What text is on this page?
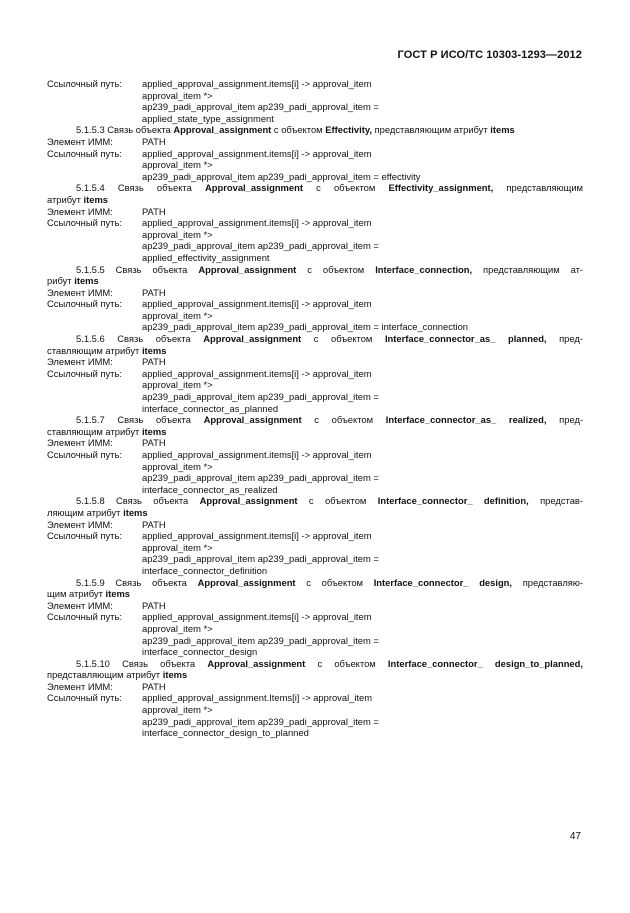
ГОСТ Р ИСО/ТС 10303-1293—2012
Ссылочный путь: applied_approval_assignment.items[i] -> approval_item
approval_item *>
ap239_padi_approval_item ap239_padi_approval_item =
applied_state_type_assignment
5.1.5.3 Связь объекта Approval_assignment с объектом Effectivity, представляющим атрибут items
Элемент ИММ:	PATH
Ссылочный путь: applied_approval_assignment.items[i] -> approval_item
approval_item *>
ap239_padi_approval_item ap239_padi_approval_item = effectivity
5.1.5.4 Связь объекта Approval_assignment с объектом Effectivity_assignment, представляющим
атрибут items
Элемент ИММ:	PATH
Ссылочный путь: applied_approval_assignment.items[i] -> approval_item
approval_item *>
ap239_padi_approval_item ap239_padi_approval_item =
applied_effectivity_assignment
5.1.5.5 Связь объекта Approval_assignment с объектом Interface_connection, представляющим ат-
рибут items
Элемент ИММ:	PATH
Ссылочный путь: applied_approval_assignment.items[i] -> approval_item
approval_item *>
ap239_padi_approval_item ap239_padi_approval_item = interface_connection
5.1.5.6 Связь объекта Approval_assignment с объектом Interface_connector_as_ planned, пред-
ставляющим атрибут items
Элемент ИММ:	PATH
Ссылочный путь: applied_approval_assignment.items[i] -> approval_item
approval_item *>
ap239_padi_approval_item ap239_padi_approval_item =
interface_connector_as_planned
5.1.5.7 Связь объекта Approval_assignment с объектом Interface_connector_as_ realized, пред-
ставляющим атрибут items
Элемент ИММ:	PATH
Ссылочный путь: applied_approval_assignment.items[i] -> approval_item
approval_item *>
ap239_padi_approval_item ap239_padi_approval_item =
interface_connector_as_realized
5.1.5.8 Связь объекта Approval_assignment с объектом Interface_connector_ definition, представ-
ляющим атрибут items
Элемент ИММ:	PATH
Ссылочный путь: applied_approval_assignment.items[i] -> approval_item
approval_item *>
ap239_padi_approval_item ap239_padi_approval_item =
interface_connector_definition
5.1.5.9 Связь объекта Approval_assignment с объектом Interface_connector_ design, представляю-
щим атрибут items
Элемент ИММ:	PATH
Ссылочный путь: applied_approval_assignment.items[i] -> approval_item
approval_item *>
ap239_padi_approval_item ap239_padi_approval_item =
interface_connector_design
5.1.5.10 Связь объекта Approval_assignment с объектом Interface_connector_ design_to_planned,
представляющим атрибут items
Элемент ИММ:	PATH
Ссылочный путь: applied_approval_assignment.Items[i] -> approval_item
approval_item *>
ap239_padi_approval_item ap239_padi_approval_item =
interface_connector_design_to_planned
47
